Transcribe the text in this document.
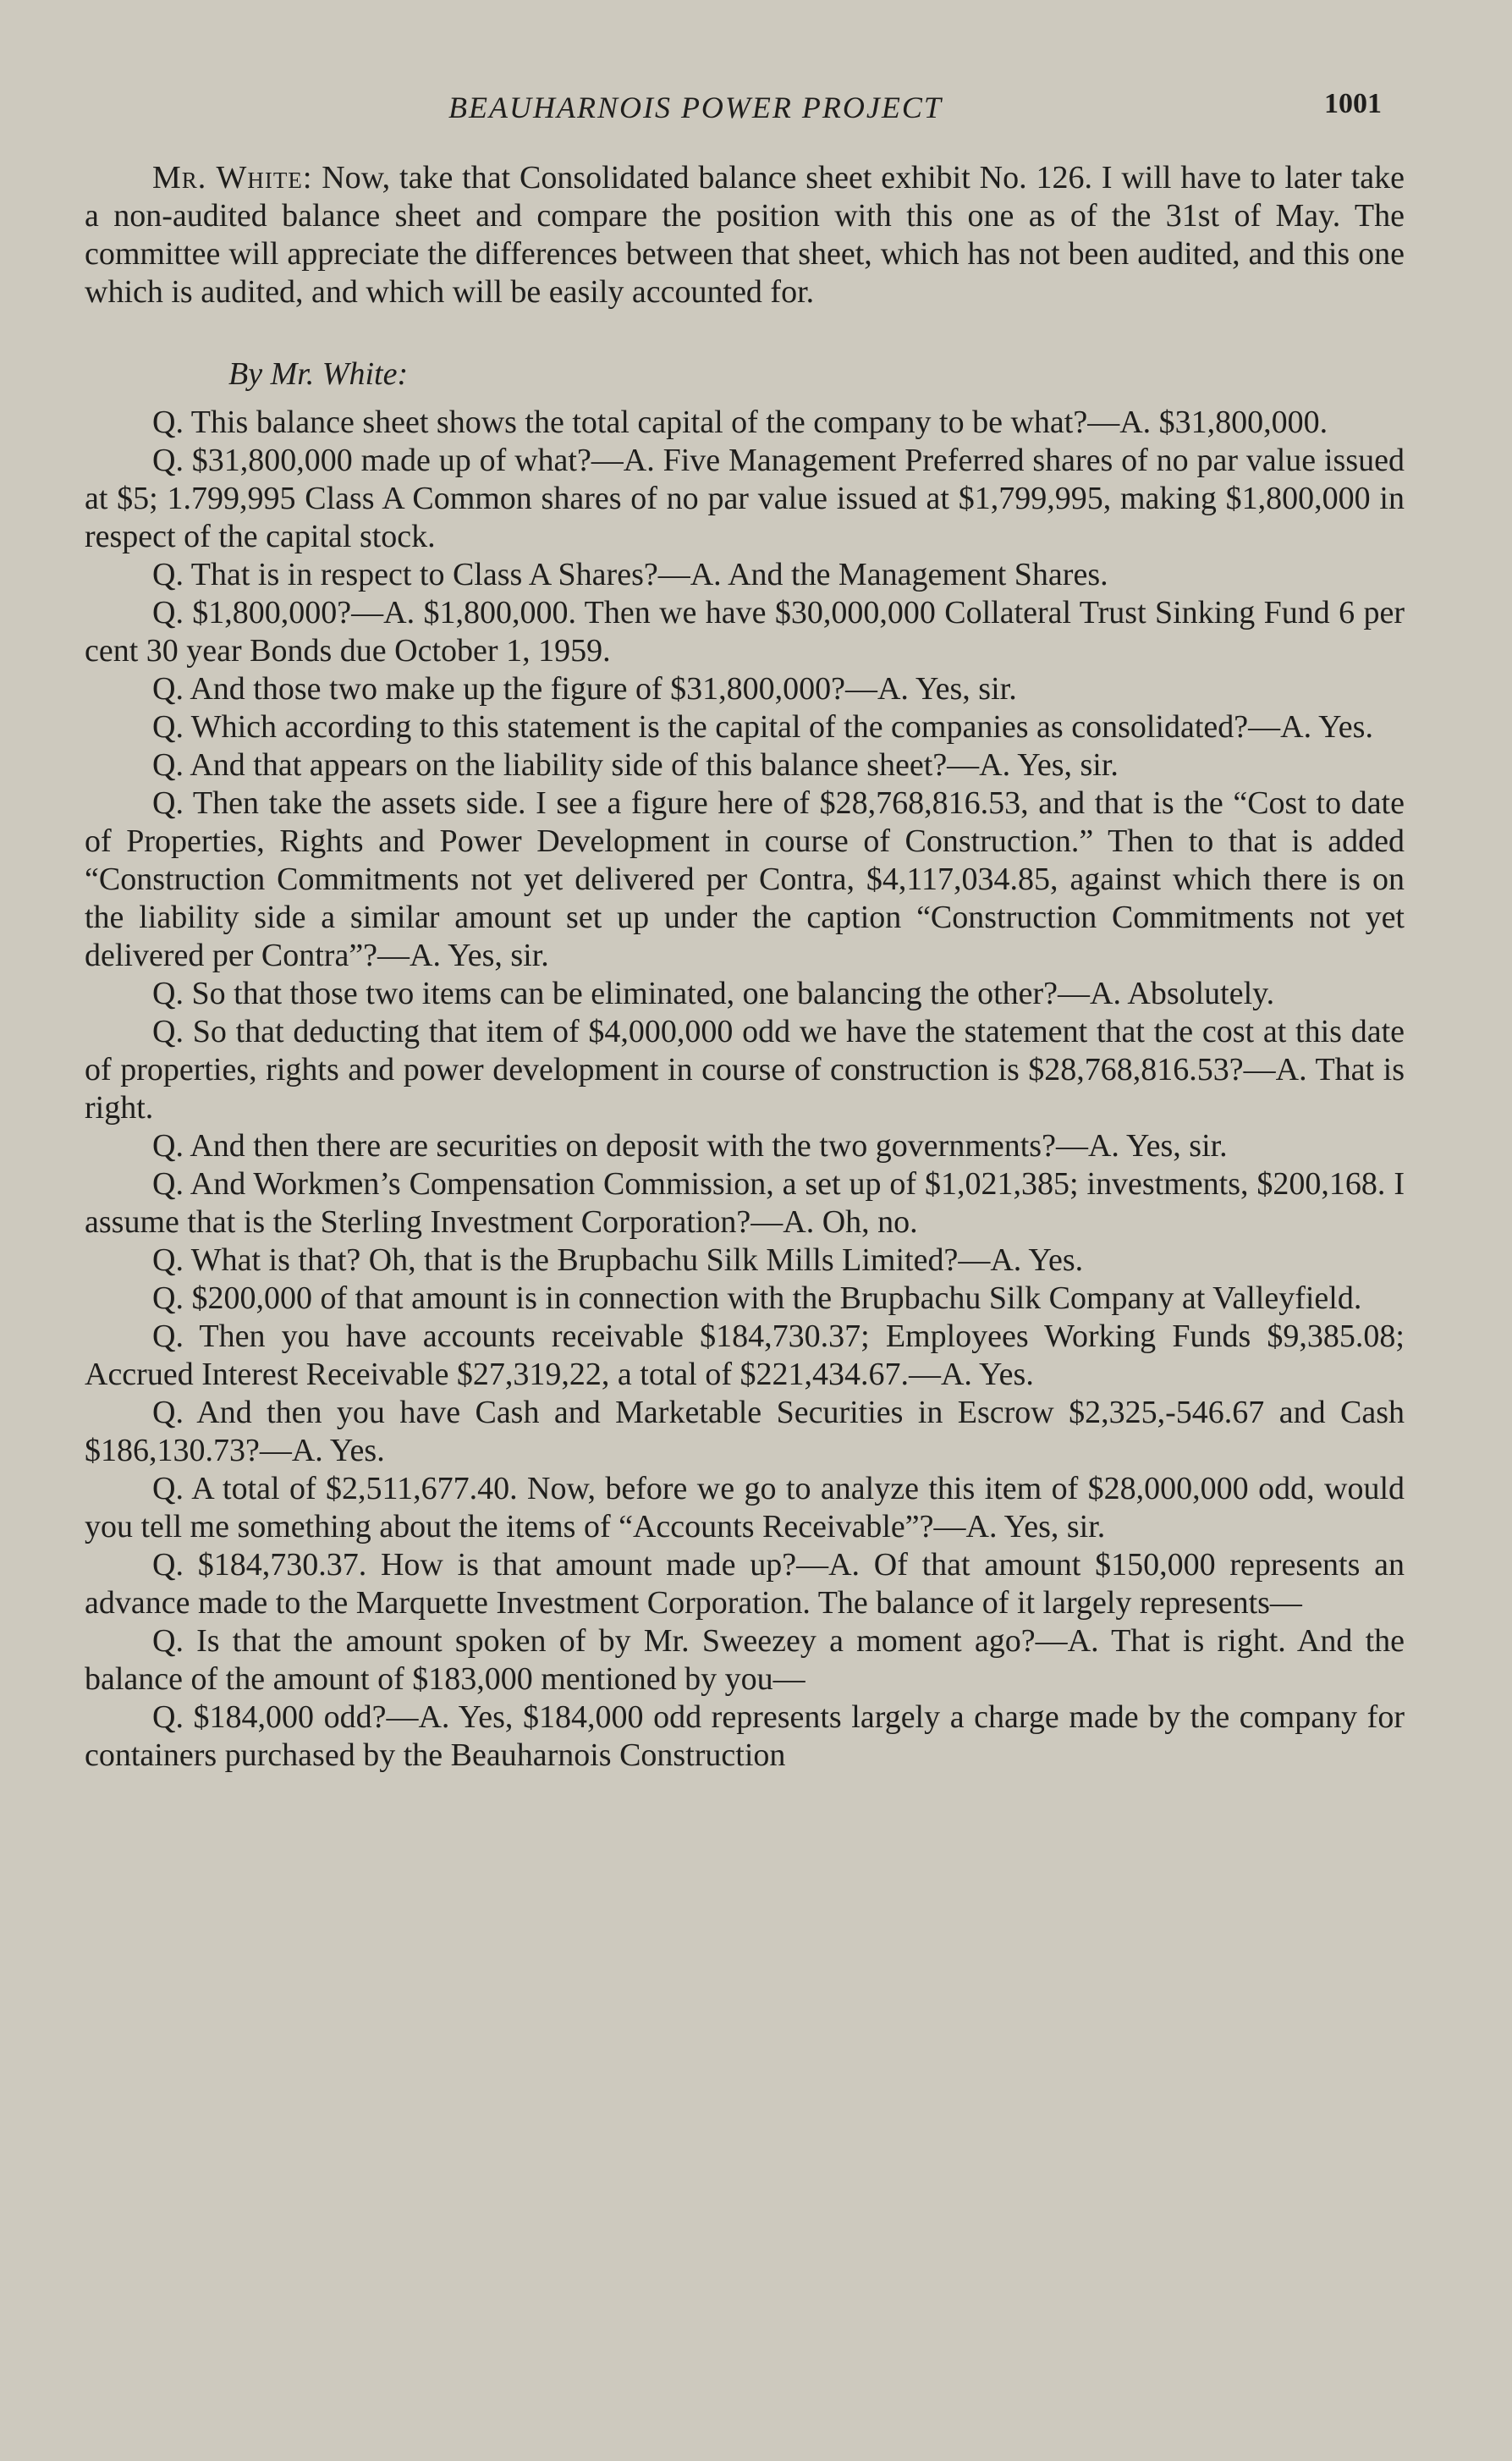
BEAUHARNOIS POWER PROJECT	1001

Mr. White: Now, take that Consolidated balance sheet exhibit No. 126. I will have to later take a non-audited balance sheet and compare the position with this one as of the 31st of May. The committee will appreciate the differences between that sheet, which has not been audited, and this one which is audited, and which will be easily accounted for.

By Mr. White:

Q. This balance sheet shows the total capital of the company to be what?—A. $31,800,000.

Q. $31,800,000 made up of what?—A. Five Management Preferred shares of no par value issued at $5; 1.799,995 Class A Common shares of no par value issued at $1,799,995, making $1,800,000 in respect of the capital stock.

Q. That is in respect to Class A Shares?—A. And the Management Shares.

Q. $1,800,000?—A. $1,800,000. Then we have $30,000,000 Collateral Trust Sinking Fund 6 per cent 30 year Bonds due October 1, 1959.

Q. And those two make up the figure of $31,800,000?—A. Yes, sir.

Q. Which according to this statement is the capital of the companies as consolidated?—A. Yes.

Q. And that appears on the liability side of this balance sheet?—A. Yes, sir.

Q. Then take the assets side. I see a figure here of $28,768,816.53, and that is the “Cost to date of Properties, Rights and Power Development in course of Construction.” Then to that is added “Construction Commitments not yet delivered per Contra, $4,117,034.85, against which there is on the liability side a similar amount set up under the caption “Construction Commitments not yet delivered per Contra”?—A. Yes, sir.

Q. So that those two items can be eliminated, one balancing the other?—A. Absolutely.

Q. So that deducting that item of $4,000,000 odd we have the statement that the cost at this date of properties, rights and power development in course of construction is $28,768,816.53?—A. That is right.

Q. And then there are securities on deposit with the two governments?—A. Yes, sir.

Q. And Workmen’s Compensation Commission, a set up of $1,021,385; investments, $200,168. I assume that is the Sterling Investment Corporation?—A. Oh, no.

Q. What is that? Oh, that is the Brupbachu Silk Mills Limited?—A. Yes.

Q. $200,000 of that amount is in connection with the Brupbachu Silk Company at Valleyfield.

Q. Then you have accounts receivable $184,730.37; Employees Working Funds $9,385.08; Accrued Interest Receivable $27,319,22, a total of $221,434.67.—A. Yes.

Q. And then you have Cash and Marketable Securities in Escrow $2,325,-546.67 and Cash $186,130.73?—A. Yes.

Q. A total of $2,511,677.40. Now, before we go to analyze this item of $28,000,000 odd, would you tell me something about the items of “Accounts Receivable”?—A. Yes, sir.

Q. $184,730.37. How is that amount made up?—A. Of that amount $150,000 represents an advance made to the Marquette Investment Corporation. The balance of it largely represents—

Q. Is that the amount spoken of by Mr. Sweezey a moment ago?—A. That is right. And the balance of the amount of $183,000 mentioned by you—

Q. $184,000 odd?—A. Yes, $184,000 odd represents largely a charge made by the company for containers purchased by the Beauharnois Construction
